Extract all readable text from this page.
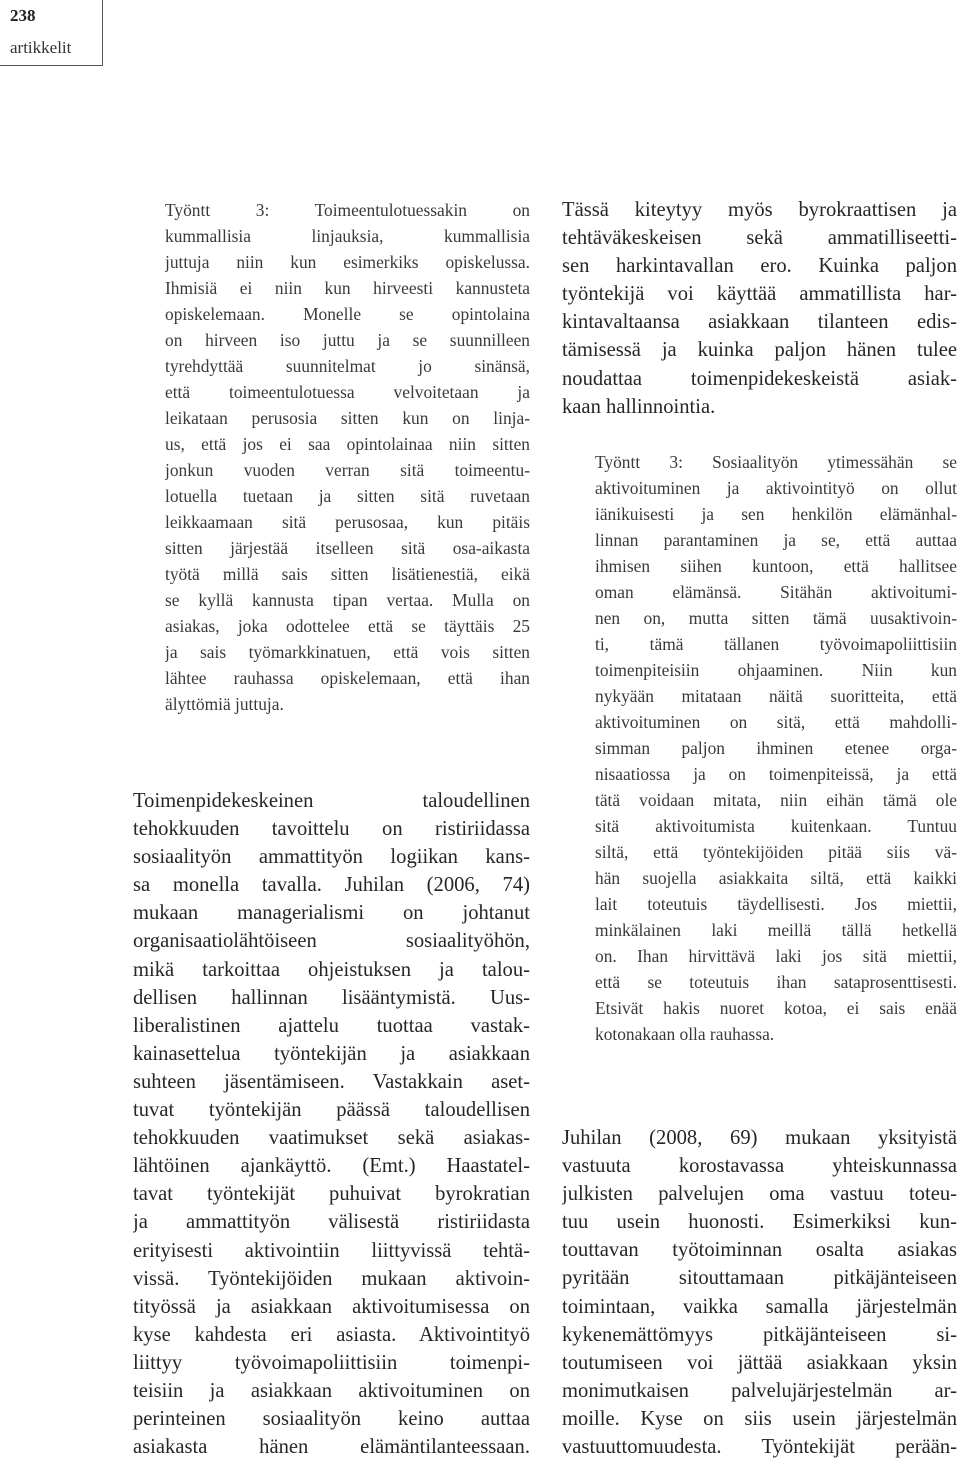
238
artikkelit
Työntt 3: Toimeentulotuessakin on
kummallisia linjauksia, kummallisia
juttuja niin kun esimerkiks opiskelussa.
Ihmisiä ei niin kun hirveesti kannusteta
opiskelemaan. Monelle se opintolaina
on hirveen iso juttu ja se suunnilleen
tyrehdyttää suunnitelmat jo sinänsä,
että toimeentulotuessa velvoitetaan ja
leikataan perusosia sitten kun on linja-
us, että jos ei saa opintolainaa niin sitten
jonkun vuoden verran sitä toimeentu-
lotuella tuetaan ja sitten sitä ruvetaan
leikkaamaan sitä perusosaa, kun pitäis
sitten järjestää itselleen sitä osa-aikasta
työtä millä sais sitten lisätienestiä, eikä
se kyllä kannusta tipan vertaa. Mulla on
asiakas, joka odottelee että se täyttäis 25
ja sais työmarkkinatuen, että vois sitten
lähtee rauhassa opiskelemaan, että ihan
älyttömiä juttuja.
Toimenpidekeskeinen taloudellinen
tehokkuuden tavoittelu on ristiriidassa
sosiaalityön ammattityön logiikan kans-
sa monella tavalla. Juhilan (2006, 74)
mukaan managerialismi on johtanut
organisaatiolähtöiseen sosiaalityöhön,
mikä tarkoittaa ohjeistuksen ja talou-
dellisen hallinnan lisääntymistä. Uus-
liberalistinen ajattelu tuottaa vastak-
kainasettelua työntekijän ja asiakkaan
suhteen jäsentämiseen. Vastakkain aset-
tuvat työntekijän päässä taloudellisen
tehokkuuden vaatimukset sekä asiakas-
lähtöinen ajankäyttö. (Emt.) Haastatel-
tavat työntekijät puhuivat byrokratian
ja ammattityön välisestä ristiriidasta
erityisesti aktivointiin liittyvissä tehtä-
vissä. Työntekijöiden mukaan aktivoin-
tityössä ja asiakkaan aktivoitumisessa on
kyse kahdesta eri asiasta. Aktivointityö
liittyy työvoimapoliittisiin toimenpi-
teisiin ja asiakkaan aktivoituminen on
perinteinen sosiaalityön keino auttaa
asiakasta hänen elämäntilanteessaan.
Tässä kiteytyy myös byrokraattisen ja
tehtäväkeskeisen sekä ammatilliseetti-
sen harkintavallan ero. Kuinka paljon
työntekijä voi käyttää ammatillista har-
kintavaltaansa asiakkaan tilanteen edis-
tämisessä ja kuinka paljon hänen tulee
noudattaa toimenpidekeskeistä asiak-
kaan hallinnointia.
Työntt 3: Sosiaalityön ytimessähän se
aktivoituminen ja aktivointityö on ollut
iänikuisesti ja sen henkilön elämänhal-
linnan parantaminen ja se, että auttaa
ihmisen siihen kuntoon, että hallitsee
oman elämänsä. Sitähän aktivoitumi-
nen on, mutta sitten tämä uusaktivoin-
ti, tämä tällanen työvoimapoliittisiin
toimenpiteisiin ohjaaminen. Niin kun
nykyään mitataan näitä suoritteita, että
aktivoituminen on sitä, että mahdolli-
simman paljon ihminen etenee orga-
nisaatiossa ja on toimenpiteissä, ja että
tätä voidaan mitata, niin eihän tämä ole
sitä aktivoitumista kuitenkaan. Tuntuu
siltä, että työntekijöiden pitää siis vä-
hän suojella asiakkaita siltä, että kaikki
lait toteutuis täydellisesti. Jos miettii,
minkälainen laki meillä tällä hetkellä
on. Ihan hirvittävä laki jos sitä miettii,
että se toteutuis ihan sataprosenttisesti.
Etsivät hakis nuoret kotoa, ei sais enää
kotonakaan olla rauhassa.
Juhilan (2008, 69) mukaan yksityistä
vastuuta korostavassa yhteiskunnassa
julkisten palvelujen oma vastuu toteu-
tuu usein huonosti. Esimerkiksi kun-
touttavan työtoiminnan osalta asiakas
pyritään sitouttamaan pitkäjänteiseen
toimintaan, vaikka samalla järjestelmän
kykenemättömyys pitkäjänteiseen si-
toutumiseen voi jättää asiakkaan yksin
monimutkaisen palvelujärjestelmän ar-
moille. Kyse on siis usein järjestelmän
vastuuttomuudesta. Työntekijät perään-
